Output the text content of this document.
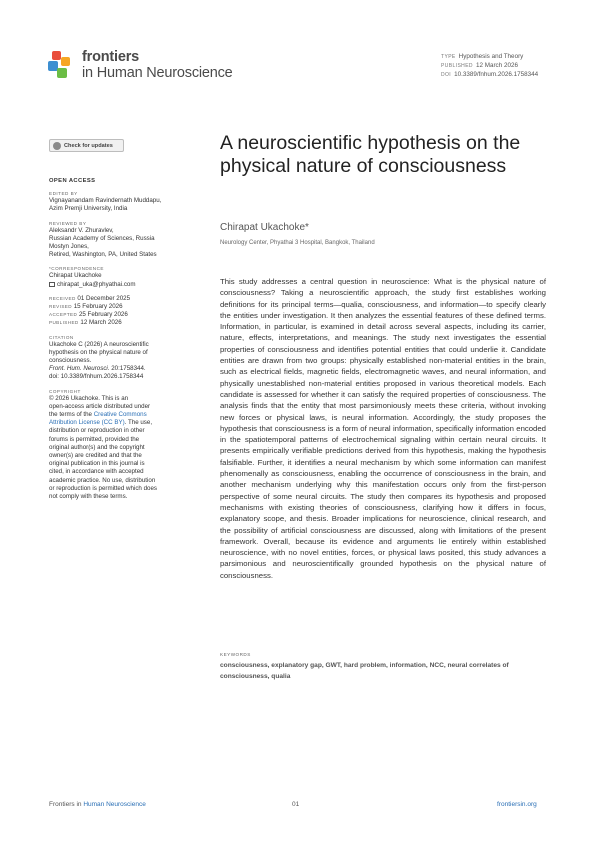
frontiers
in Human Neuroscience
TYPE Hypothesis and Theory
PUBLISHED 12 March 2026
DOI 10.3389/fnhum.2026.1758344
Check for updates
OPEN ACCESS
EDITED BY
Vignayanandam Ravindernath Muddapu,
Azim Premji University, India
REVIEWED BY
Aleksandr V. Zhuravlev,
Russian Academy of Sciences, Russia
Mostyn Jones,
Retired, Washington, PA, United States
*CORRESPONDENCE
Chirapat Ukachoke
chirapat_uka@phyathai.com
RECEIVED 01 December 2025
REVISED 15 February 2026
ACCEPTED 25 February 2026
PUBLISHED 12 March 2026
CITATION
Ukachoke C (2026) A neuroscientific
hypothesis on the physical nature of
consciousness.
Front. Hum. Neurosci. 20:1758344.
doi: 10.3389/fnhum.2026.1758344
COPYRIGHT
© 2026 Ukachoke. This is an
open-access article distributed under
the terms of the Creative Commons
Attribution License (CC BY). The use,
distribution or reproduction in other
forums is permitted, provided the
original author(s) and the copyright
owner(s) are credited and that the
original publication in this journal is
cited, in accordance with accepted
academic practice. No use, distribution
or reproduction is permitted which does
not comply with these terms.
A neuroscientific hypothesis on the physical nature of consciousness
Chirapat Ukachoke*
Neurology Center, Phyathai 3 Hospital, Bangkok, Thailand

This study addresses a central question in neuroscience: What is the physical nature of consciousness? Taking a neuroscientific approach, the study first establishes working definitions for its principal terms—qualia, consciousness, and information—to specify clearly the entities under investigation. It then analyzes the essential features of these defined terms. Information, in particular, is examined in detail across several aspects, including its carrier, nature, effects, interpretations, and meanings. The study next investigates the essential properties of consciousness and identifies potential entities that could underlie it. Candidate entities are drawn from two groups: physically established non-material entities in the brain, such as electrical fields, magnetic fields, electromagnetic waves, and neural information, and physically unestablished non-material entities proposed in various theoretical models. Each candidate is assessed for whether it can satisfy the required properties of consciousness. The analysis finds that the entity that most parsimoniously meets these criteria, without invoking new forces or physical laws, is neural information. Accordingly, the study proposes the hypothesis that consciousness is a form of neural information, specifically information encoded in the spatiotemporal patterns of electrochemical signaling within certain neural circuits. It presents empirically verifiable predictions derived from this hypothesis, making the hypothesis falsifiable. Further, it identifies a neural mechanism by which some information can manifest phenomenally as consciousness, enabling the occurrence of consciousness in the brain, and another mechanism underlying why this manifestation occurs only from the first-person perspective of some neural circuits. The study then compares its hypothesis and proposed mechanisms with existing theories of consciousness, clarifying how it differs in focus, explanatory scope, and thesis. Broader implications for neuroscience, clinical research, and the possibility of artificial consciousness are discussed, along with limitations of the present framework. Overall, because its evidence and arguments lie entirely within established neuroscience, with no novel entities, forces, or physical laws posited, this study advances a parsimonious and neuroscientifically grounded hypothesis on the physical nature of consciousness.

KEYWORDS
consciousness, explanatory gap, GWT, hard problem, information, NCC, neural correlates of consciousness, qualia
Frontiers in Human Neuroscience	01	frontiersin.org
